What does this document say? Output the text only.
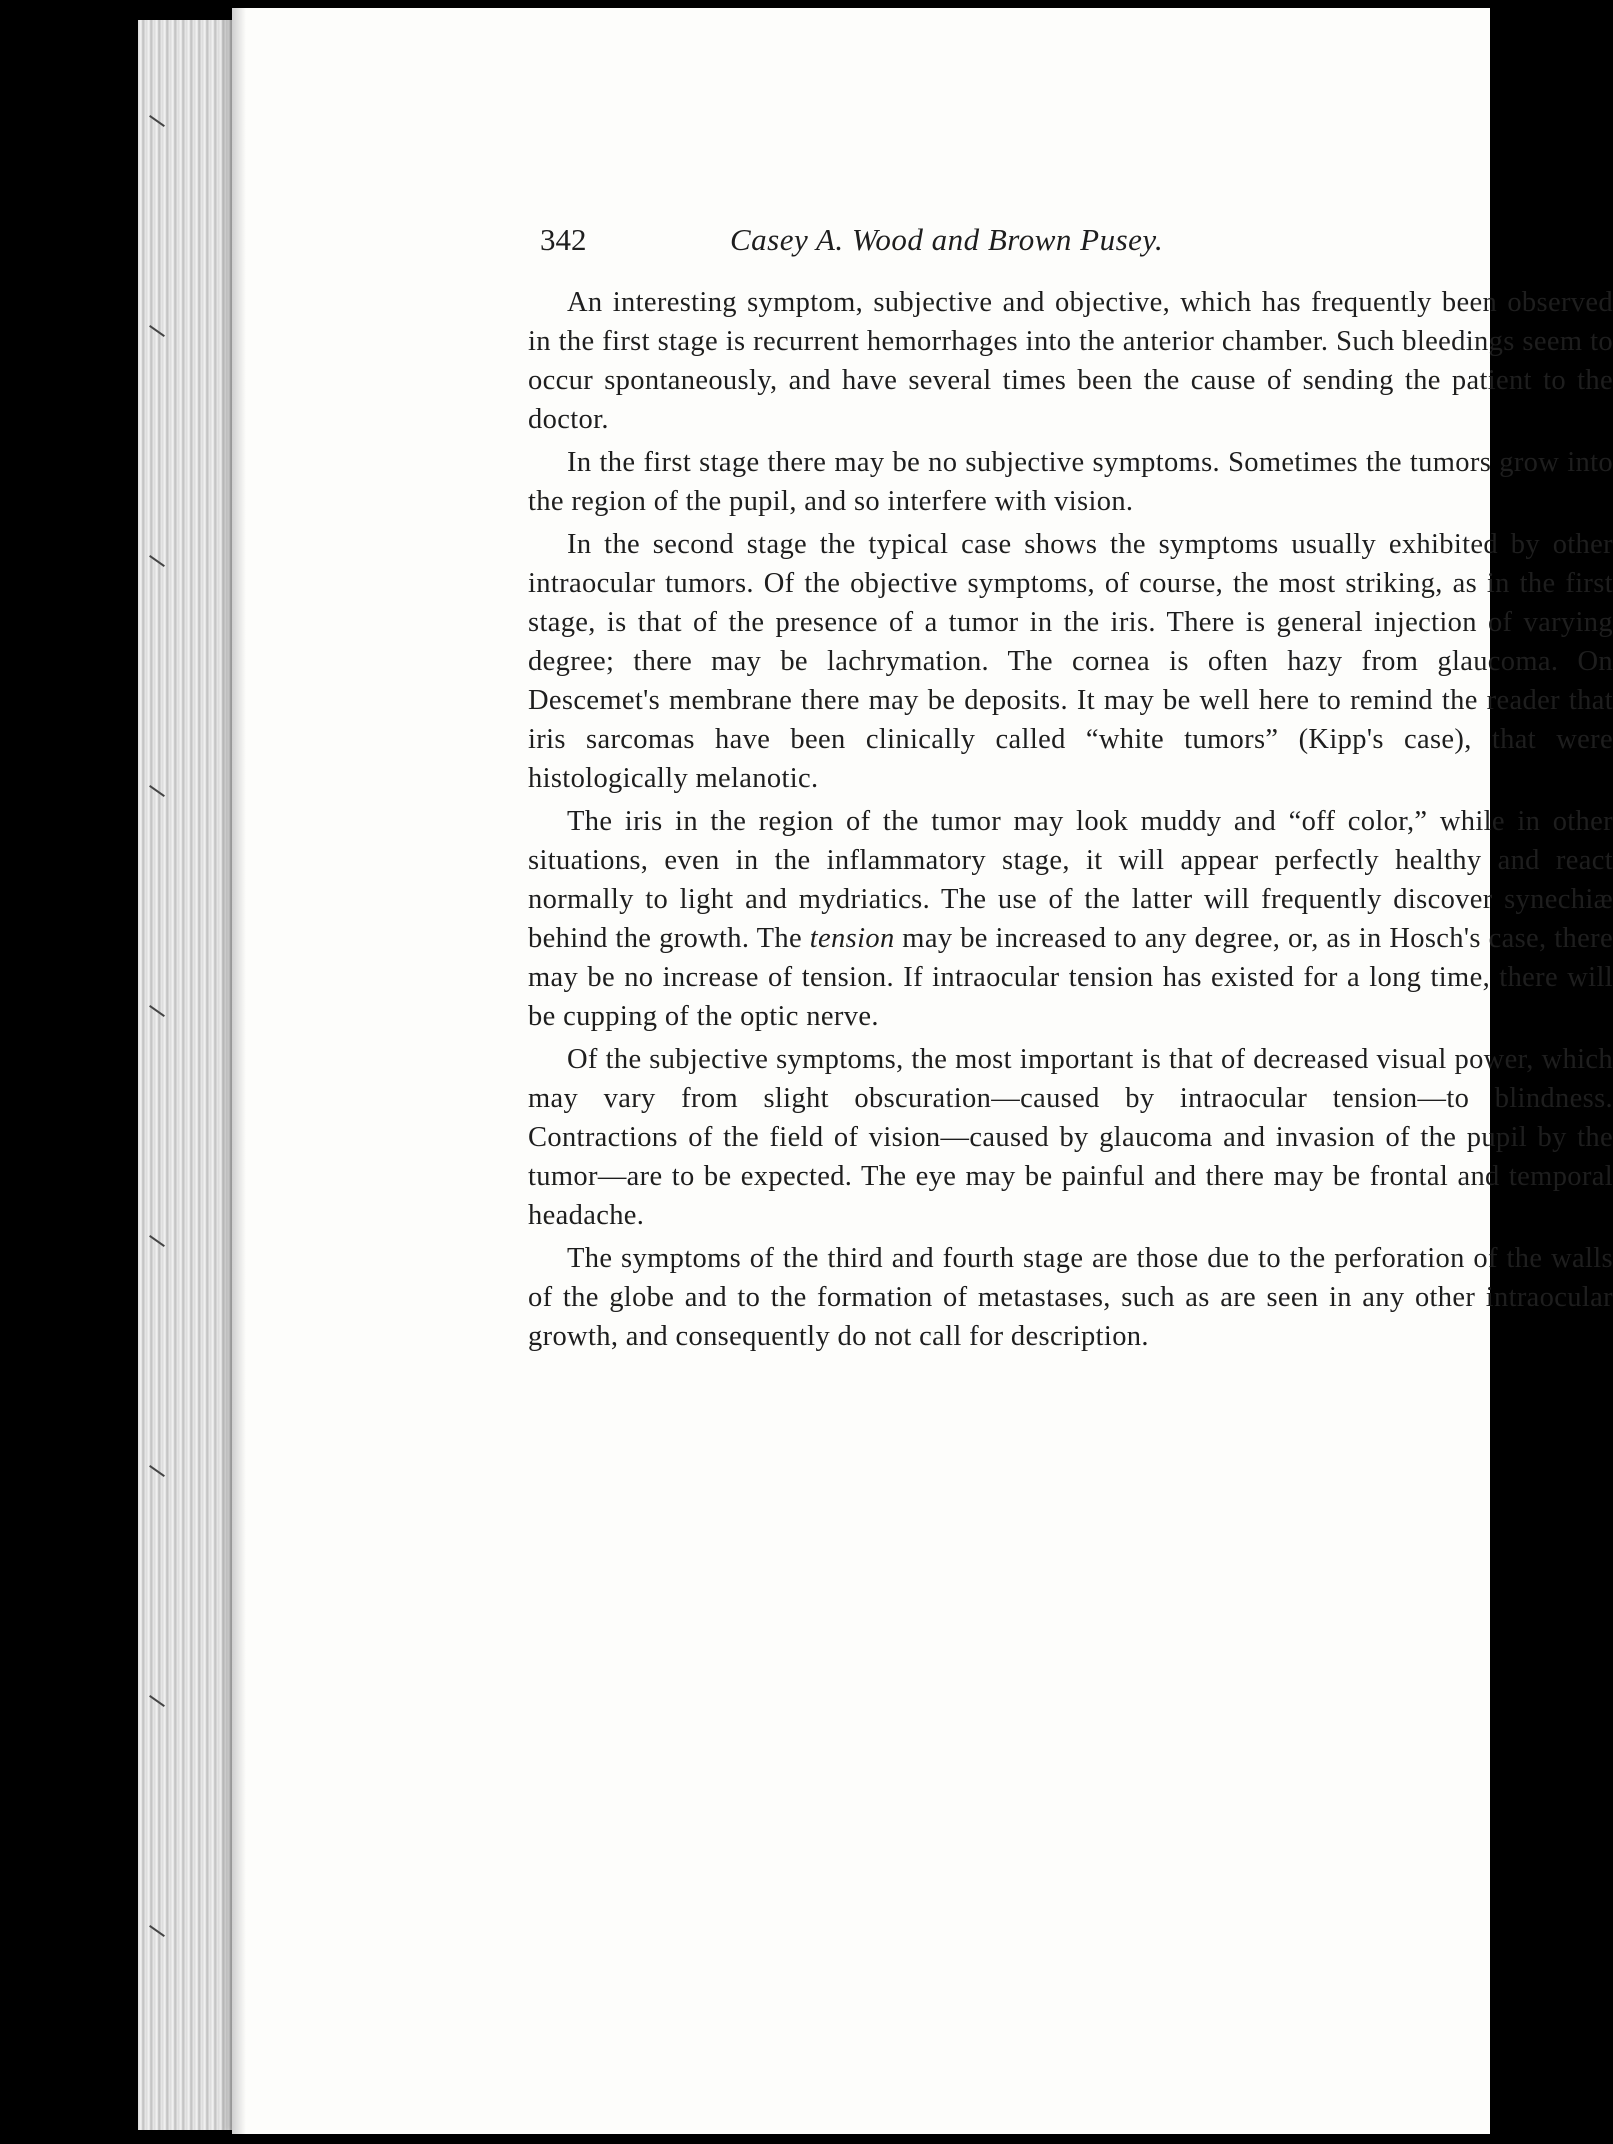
342	Casey A. Wood and Brown Pusey.

An interesting symptom, subjective and objective, which has frequently been observed in the first stage is recurrent hemorrhages into the anterior chamber. Such bleedings seem to occur spontaneously, and have several times been the cause of sending the patient to the doctor.

In the first stage there may be no subjective symptoms. Sometimes the tumors grow into the region of the pupil, and so interfere with vision.

In the second stage the typical case shows the symptoms usually exhibited by other intraocular tumors. Of the objective symptoms, of course, the most striking, as in the first stage, is that of the presence of a tumor in the iris. There is general injection of varying degree; there may be lachrymation. The cornea is often hazy from glaucoma. On Descemet's membrane there may be deposits. It may be well here to remind the reader that iris sarcomas have been clinically called “white tumors” (Kipp's case), that were histologically melanotic.

The iris in the region of the tumor may look muddy and “off color,” while in other situations, even in the inflammatory stage, it will appear perfectly healthy and react normally to light and mydriatics. The use of the latter will frequently discover synechiæ behind the growth. The tension may be increased to any degree, or, as in Hosch's case, there may be no increase of tension. If intraocular tension has existed for a long time, there will be cupping of the optic nerve.

Of the subjective symptoms, the most important is that of decreased visual power, which may vary from slight obscuration—caused by intraocular tension—to blindness. Contractions of the field of vision—caused by glaucoma and invasion of the pupil by the tumor—are to be expected. The eye may be painful and there may be frontal and temporal headache.

The symptoms of the third and fourth stage are those due to the perforation of the walls of the globe and to the formation of metastases, such as are seen in any other intraocular growth, and consequently do not call for description.
